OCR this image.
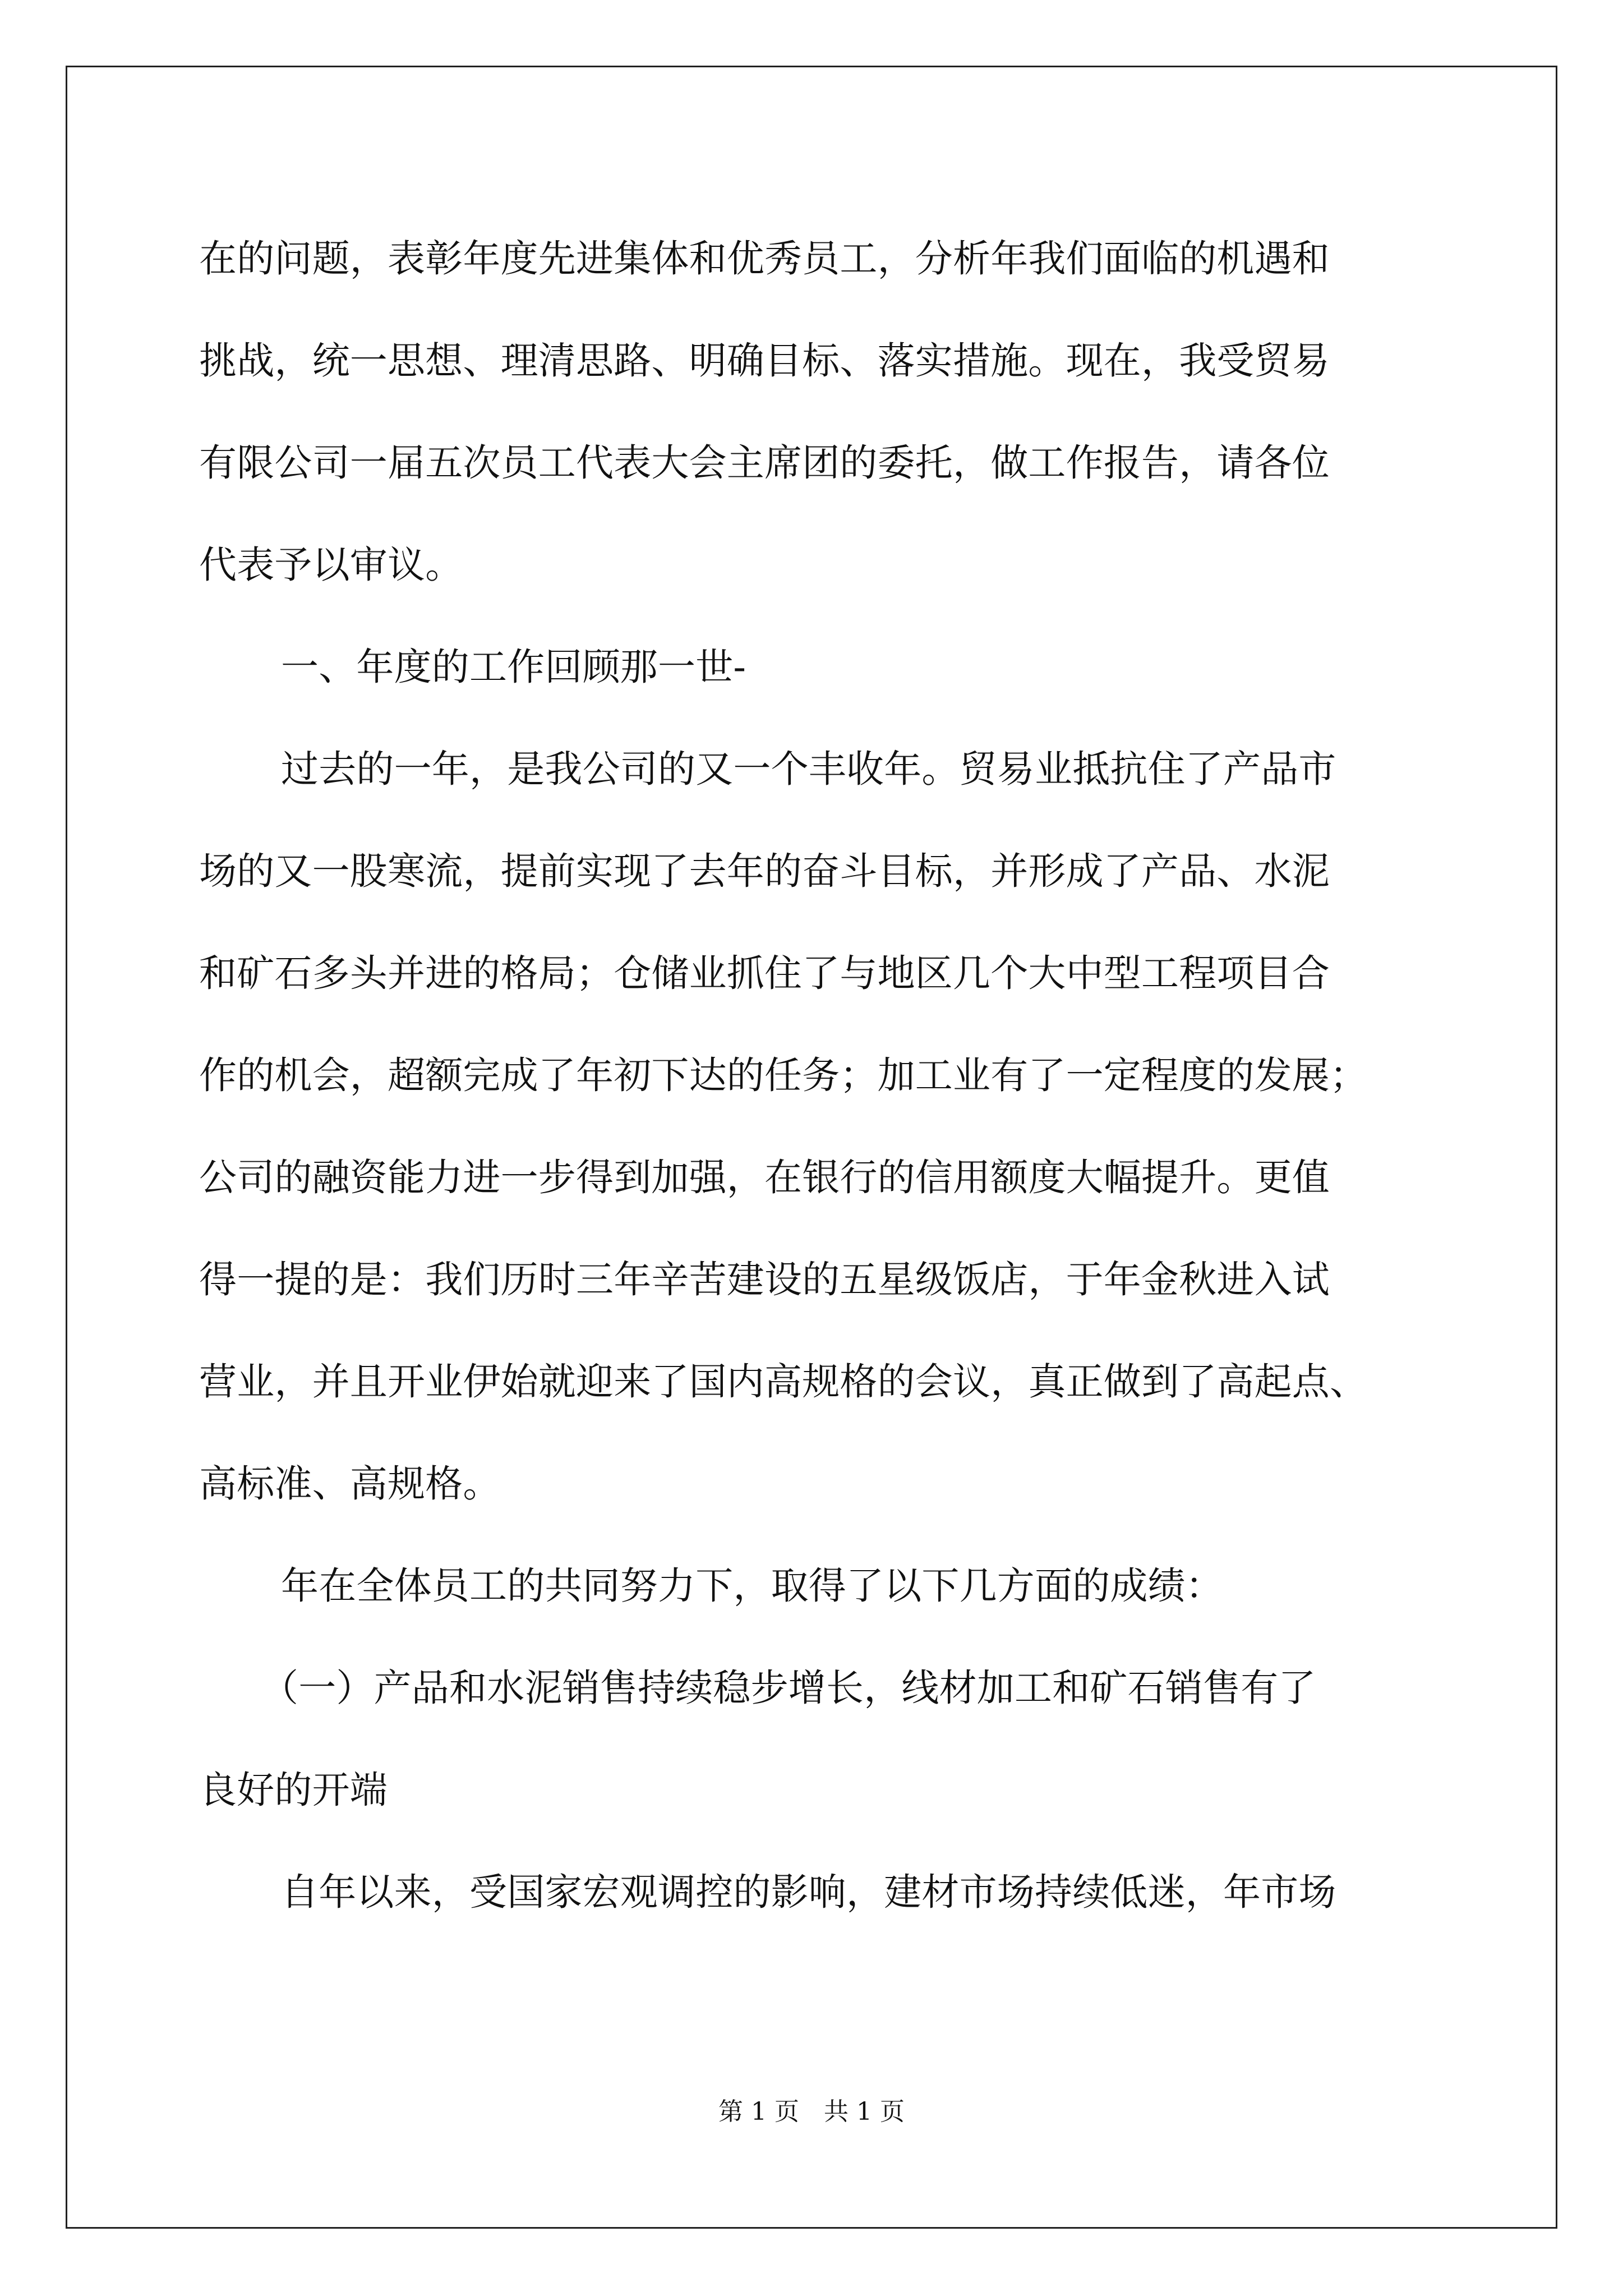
在的问题，表彰年度先进集体和优秀员工，分析年我们面临的机遇和
挑战，统一思想、理清思路、明确目标、落实措施。现在，我受贸易
有限公司一届五次员工代表大会主席团的委托，做工作报告，请各位
代表予以审议。
一、年度的工作回顾那一世-
过去的一年，是我公司的又一个丰收年。贸易业抵抗住了产品市
场的又一股寒流，提前实现了去年的奋斗目标，并形成了产品、水泥
和矿石多头并进的格局；仓储业抓住了与地区几个大中型工程项目合
作的机会，超额完成了年初下达的任务；加工业有了一定程度的发展；
公司的融资能力进一步得到加强，在银行的信用额度大幅提升。更值
得一提的是：我们历时三年辛苦建设的五星级饭店，于年金秋进入试
营业，并且开业伊始就迎来了国内高规格的会议，真正做到了高起点、
高标准、高规格。
年在全体员工的共同努力下，取得了以下几方面的成绩：
（一）产品和水泥销售持续稳步增长，线材加工和矿石销售有了
良好的开端
自年以来，受国家宏观调控的影响，建材市场持续低迷，年市场
第 1 页　共 1 页
